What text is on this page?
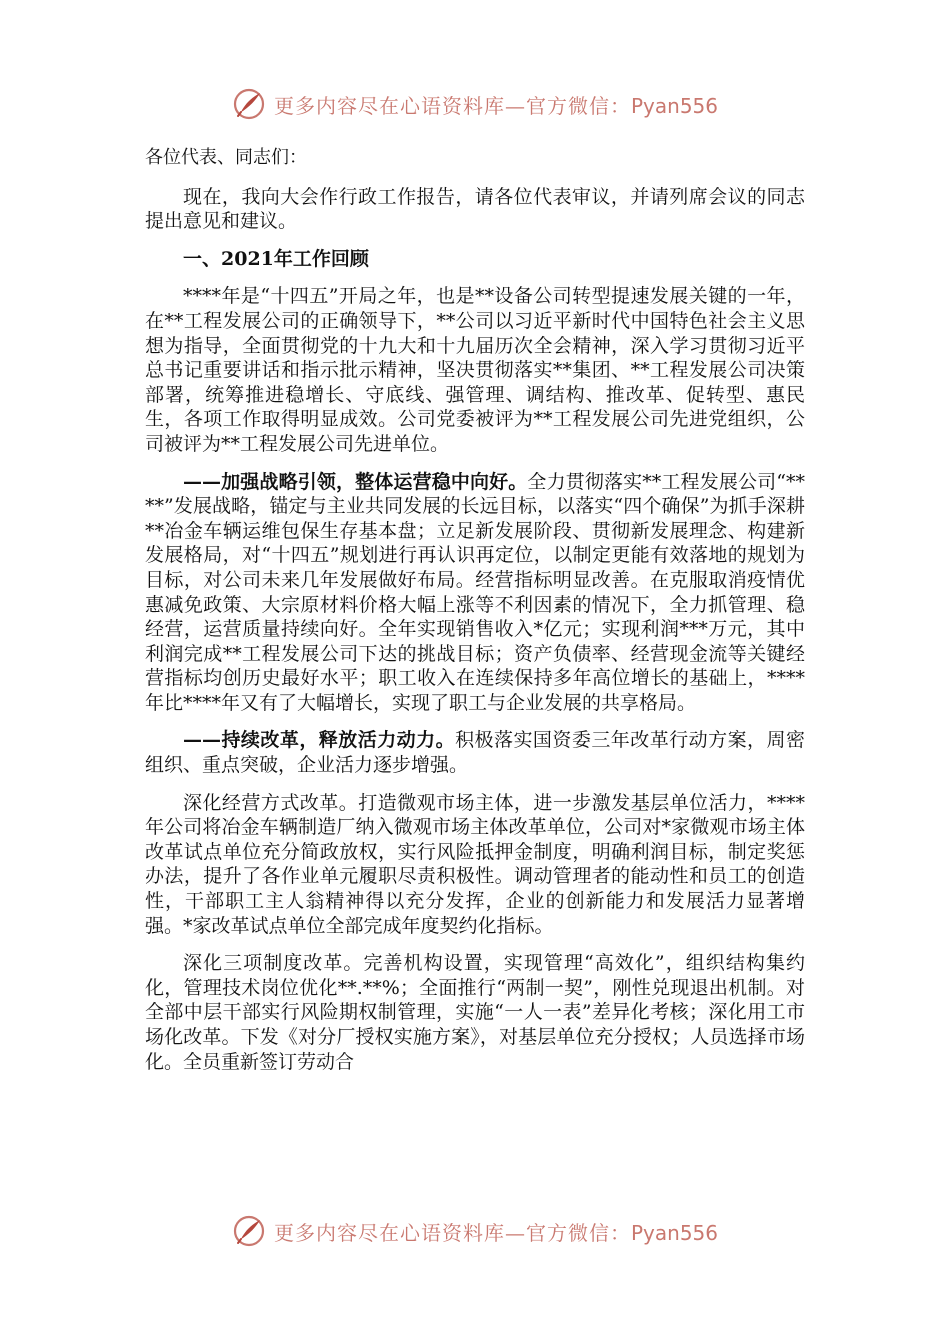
更多内容尽在心语资料库—官方微信：Pyan556

各位代表、同志们：

现在，我向大会作行政工作报告，请各位代表审议，并请列席会议的同志提出意见和建议。

一、2021年工作回顾

****年是“十四五”开局之年，也是**设备公司转型提速发展关键的一年，在**工程发展公司的正确领导下，**公司以习近平新时代中国特色社会主义思想为指导，全面贯彻党的十九大和十九届历次全会精神，深入学习贯彻习近平总书记重要讲话和指示批示精神，坚决贯彻落实**集团、**工程发展公司决策部署，统筹推进稳增长、守底线、强管理、调结构、推改革、促转型、惠民生，各项工作取得明显成效。公司党委被评为**工程发展公司先进党组织，公司被评为**工程发展公司先进单位。

——加强战略引领，整体运营稳中向好。全力贯彻落实**工程发展公司“****”发展战略，锚定与主业共同发展的长远目标，以落实“四个确保”为抓手深耕**冶金车辆运维包保生存基本盘；立足新发展阶段、贯彻新发展理念、构建新发展格局，对“十四五”规划进行再认识再定位，以制定更能有效落地的规划为目标，对公司未来几年发展做好布局。经营指标明显改善。在克服取消疫情优惠减免政策、大宗原材料价格大幅上涨等不利因素的情况下，全力抓管理、稳经营，运营质量持续向好。全年实现销售收入*亿元；实现利润***万元，其中利润完成**工程发展公司下达的挑战目标；资产负债率、经营现金流等关键经营指标均创历史最好水平；职工收入在连续保持多年高位增长的基础上，****年比****年又有了大幅增长，实现了职工与企业发展的共享格局。

——持续改革，释放活力动力。积极落实国资委三年改革行动方案，周密组织、重点突破，企业活力逐步增强。

深化经营方式改革。打造微观市场主体，进一步激发基层单位活力，****年公司将冶金车辆制造厂纳入微观市场主体改革单位，公司对*家微观市场主体改革试点单位充分简政放权，实行风险抵押金制度，明确利润目标，制定奖惩办法，提升了各作业单元履职尽责积极性。调动管理者的能动性和员工的创造性，干部职工主人翁精神得以充分发挥，企业的创新能力和发展活力显著增强。*家改革试点单位全部完成年度契约化指标。

深化三项制度改革。完善机构设置，实现管理“高效化”，组织结构集约化，管理技术岗位优化**.**%；全面推行“两制一契”，刚性兑现退出机制。对全部中层干部实行风险期权制管理，实施“一人一表”差异化考核；深化用工市场化改革。下发《对分厂授权实施方案》，对基层单位充分授权；人员选择市场化。全员重新签订劳动合

更多内容尽在心语资料库—官方微信：Pyan556
